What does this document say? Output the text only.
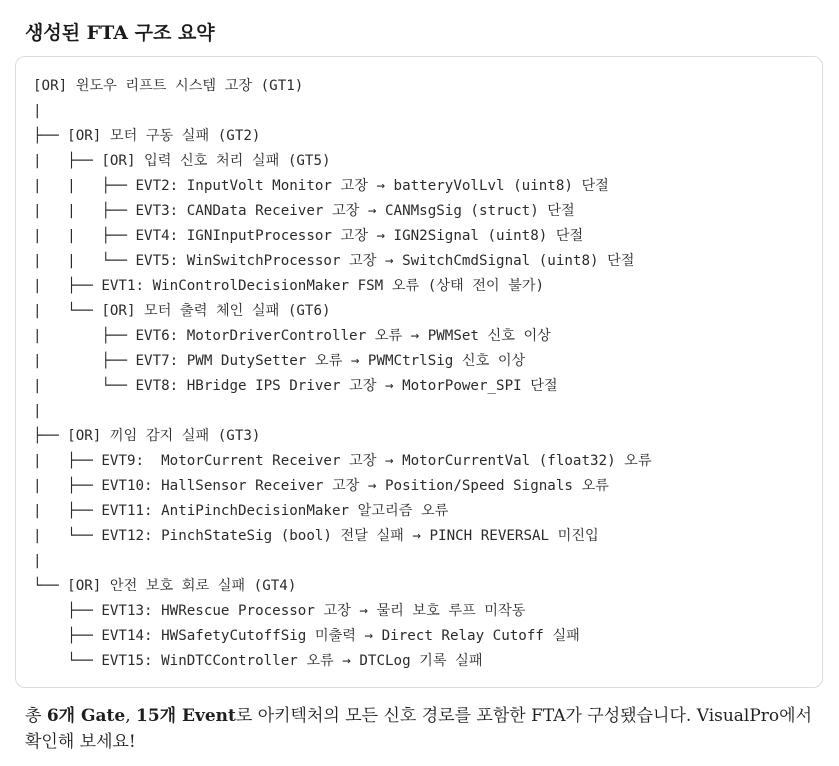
생성된 FTA 구조 요약
[OR] 윈도우 리프트 시스템 고장 (GT1)
|
├── [OR] 모터 구동 실패 (GT2)
|   ├── [OR] 입력 신호 처리 실패 (GT5)
|   |   ├── EVT2: InputVolt Monitor 고장 → batteryVolLvl (uint8) 단절
|   |   ├── EVT3: CANData Receiver 고장 → CANMsgSig (struct) 단절
|   |   ├── EVT4: IGNInputProcessor 고장 → IGN2Signal (uint8) 단절
|   |   └── EVT5: WinSwitchProcessor 고장 → SwitchCmdSignal (uint8) 단절
|   ├── EVT1: WinControlDecisionMaker FSM 오류 (상태 전이 불가)
|   └── [OR] 모터 출력 체인 실패 (GT6)
|       ├── EVT6: MotorDriverController 오류 → PWMSet 신호 이상
|       ├── EVT7: PWM DutySetter 오류 → PWMCtrlSig 신호 이상
|       └── EVT8: HBridge IPS Driver 고장 → MotorPower_SPI 단절
|
├── [OR] 끼임 감지 실패 (GT3)
|   ├── EVT9:  MotorCurrent Receiver 고장 → MotorCurrentVal (float32) 오류
|   ├── EVT10: HallSensor Receiver 고장 → Position/Speed Signals 오류
|   ├── EVT11: AntiPinchDecisionMaker 알고리즘 오류
|   └── EVT12: PinchStateSig (bool) 전달 실패 → PINCH REVERSAL 미진입
|
└── [OR] 안전 보호 회로 실패 (GT4)
├── EVT13: HWRescue Processor 고장 → 물리 보호 루프 미작동
├── EVT14: HWSafetyCutoffSig 미출력 → Direct Relay Cutoff 실패
└── EVT15: WinDTCController 오류 → DTCLog 기록 실패

총 6개 Gate, 15개 Event로 아키텍처의 모든 신호 경로를 포함한 FTA가 구성됐습니다. VisualPro에서 확인해 보세요!
